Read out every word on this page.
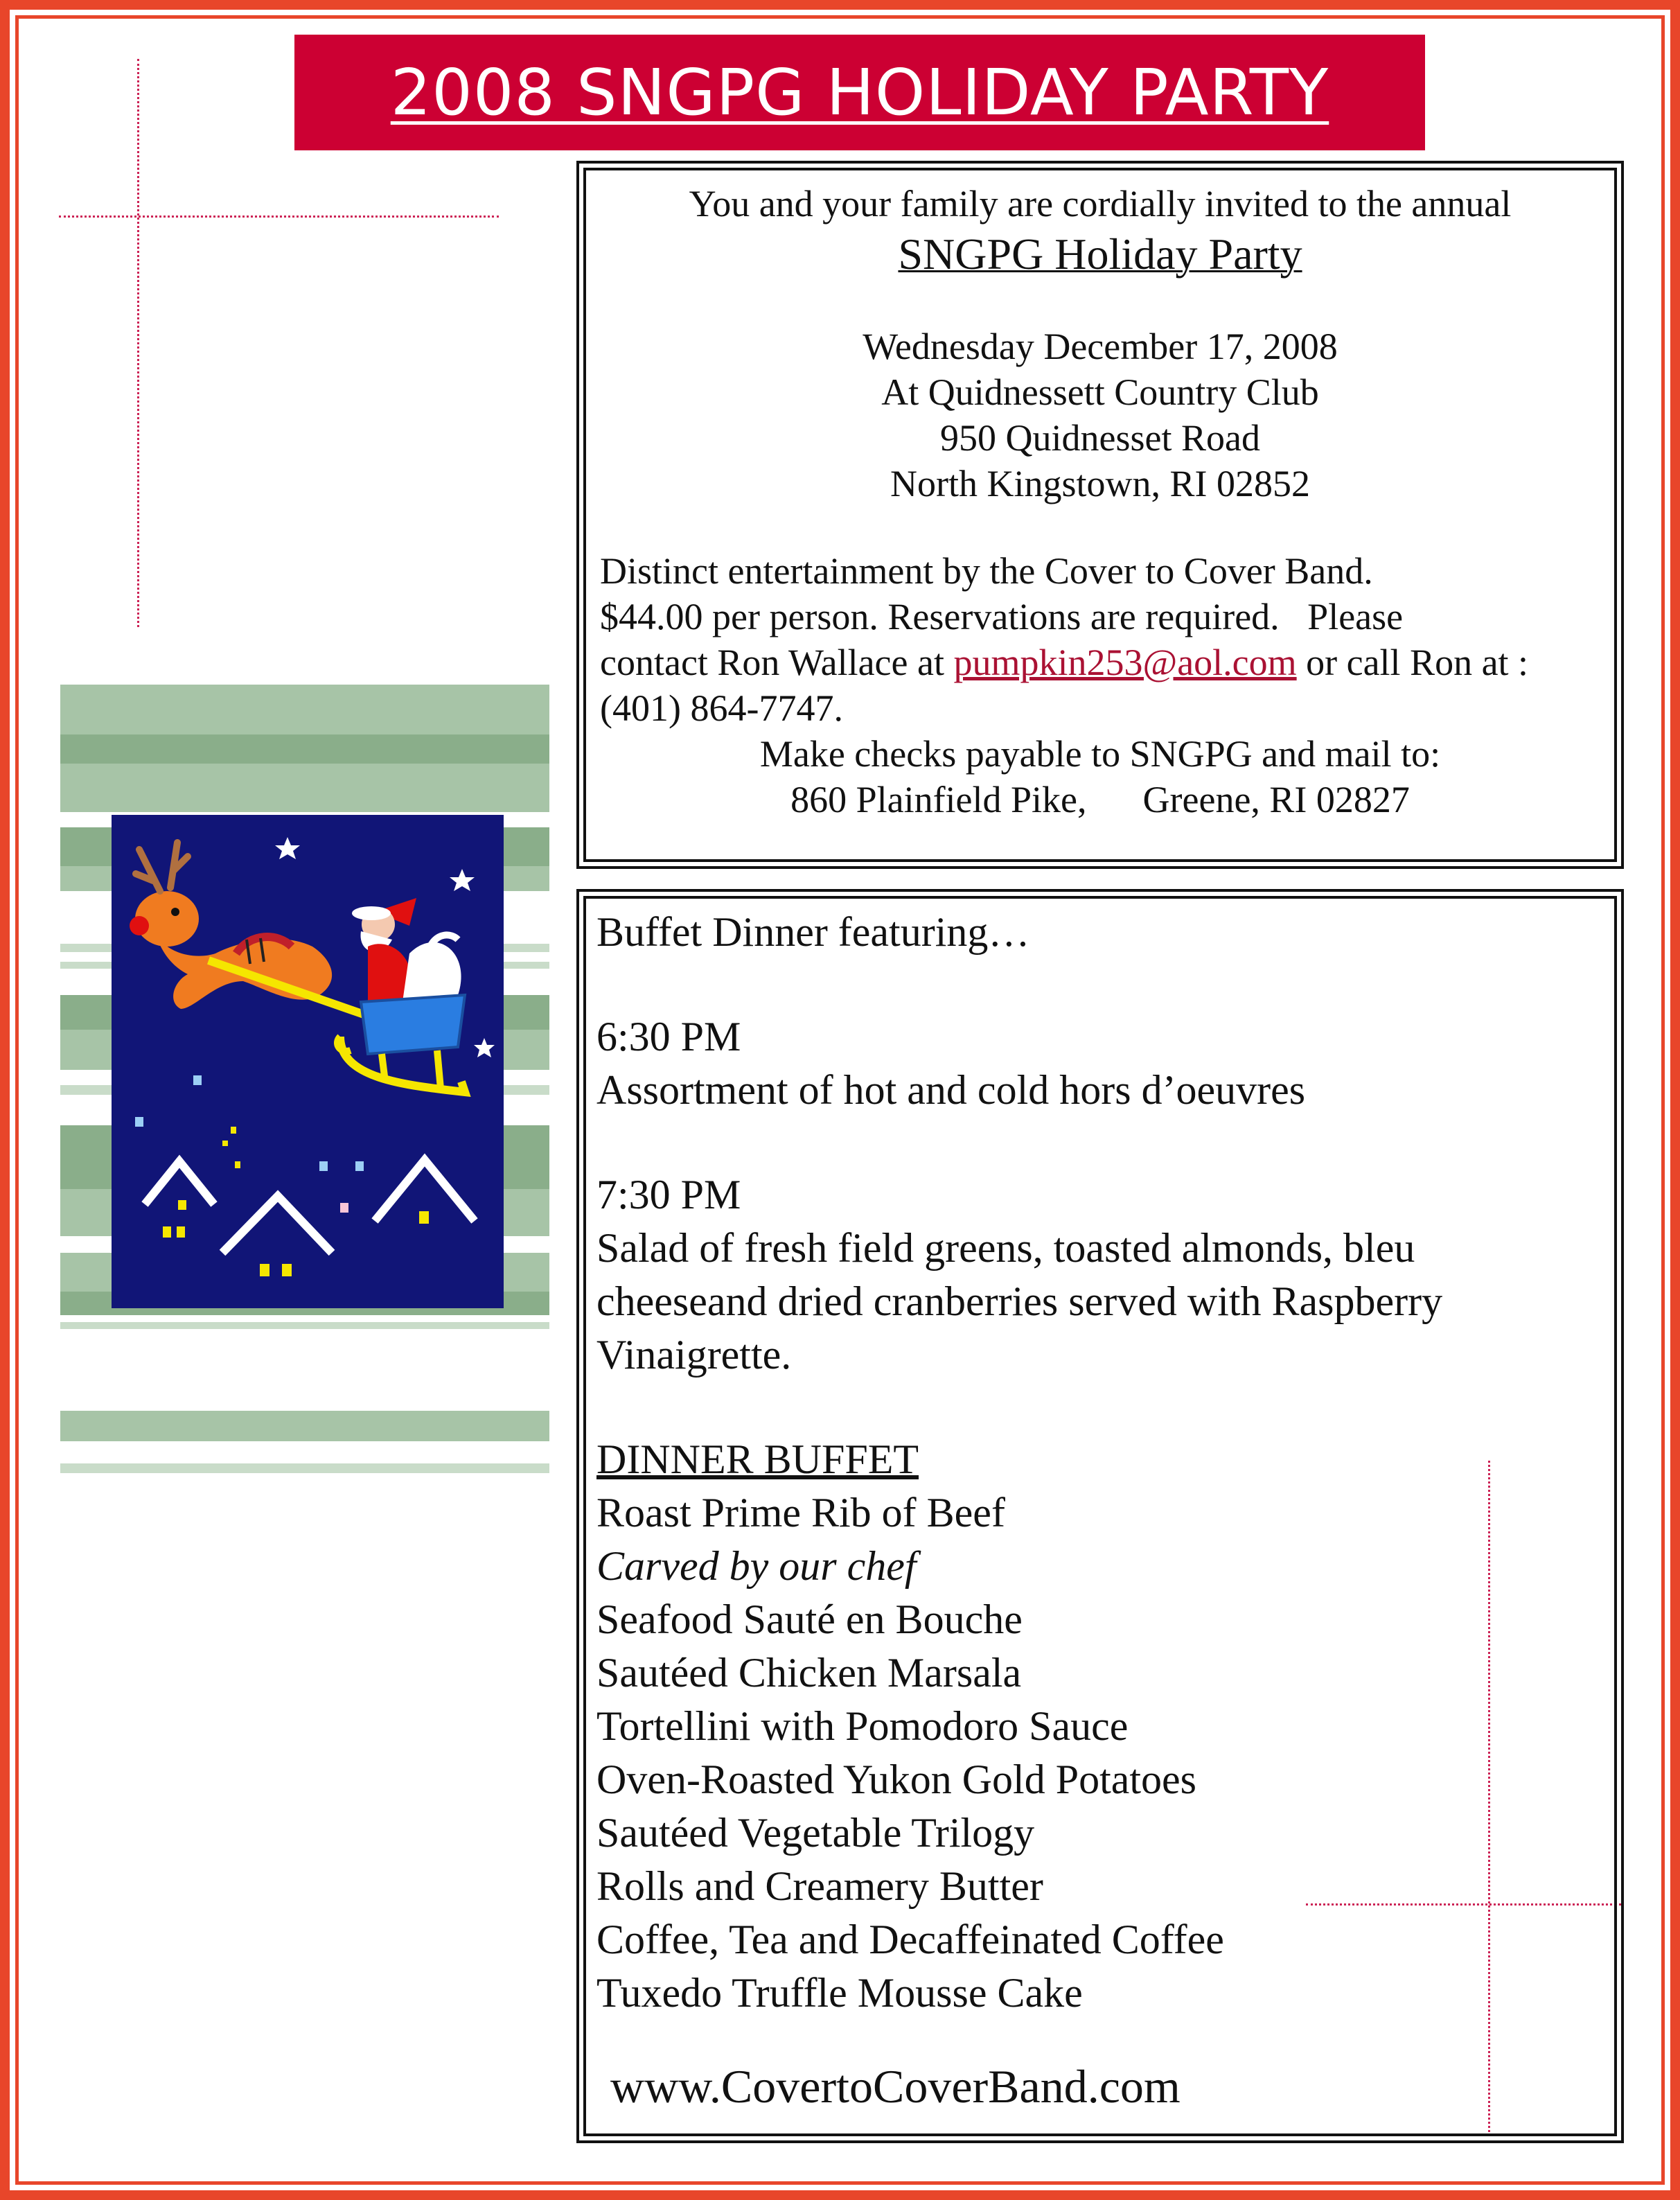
2008 SNGPG HOLIDAY PARTY
You and your family are cordially invited to the annual
SNGPG Holiday Party
Wednesday December 17, 2008
At Quidnessett Country Club
950 Quidnesset Road
North Kingstown, RI 02852
Distinct entertainment by the Cover to Cover Band.
$44.00 per person. Reservations are required.   Please
contact Ron Wallace at pumpkin253@aol.com or call Ron at :
(401) 864-7747.
Make checks payable to SNGPG and mail to:
860 Plainfield Pike,      Greene, RI 02827
Buffet Dinner featuring…
6:30 PM
Assortment of hot and cold hors d’oeuvres
7:30 PM
Salad of fresh field greens, toasted almonds, bleu
cheeseand dried cranberries served with Raspberry
Vinaigrette.
DINNER BUFFET
Roast Prime Rib of Beef
Carved by our chef
Seafood Sauté en Bouche
Sautéed Chicken Marsala
Tortellini with Pomodoro Sauce
Oven-Roasted Yukon Gold Potatoes
Sautéed Vegetable Trilogy
Rolls and Creamery Butter
Coffee, Tea and Decaffeinated Coffee
Tuxedo Truffle Mousse Cake
www.CovertoCoverBand.com
